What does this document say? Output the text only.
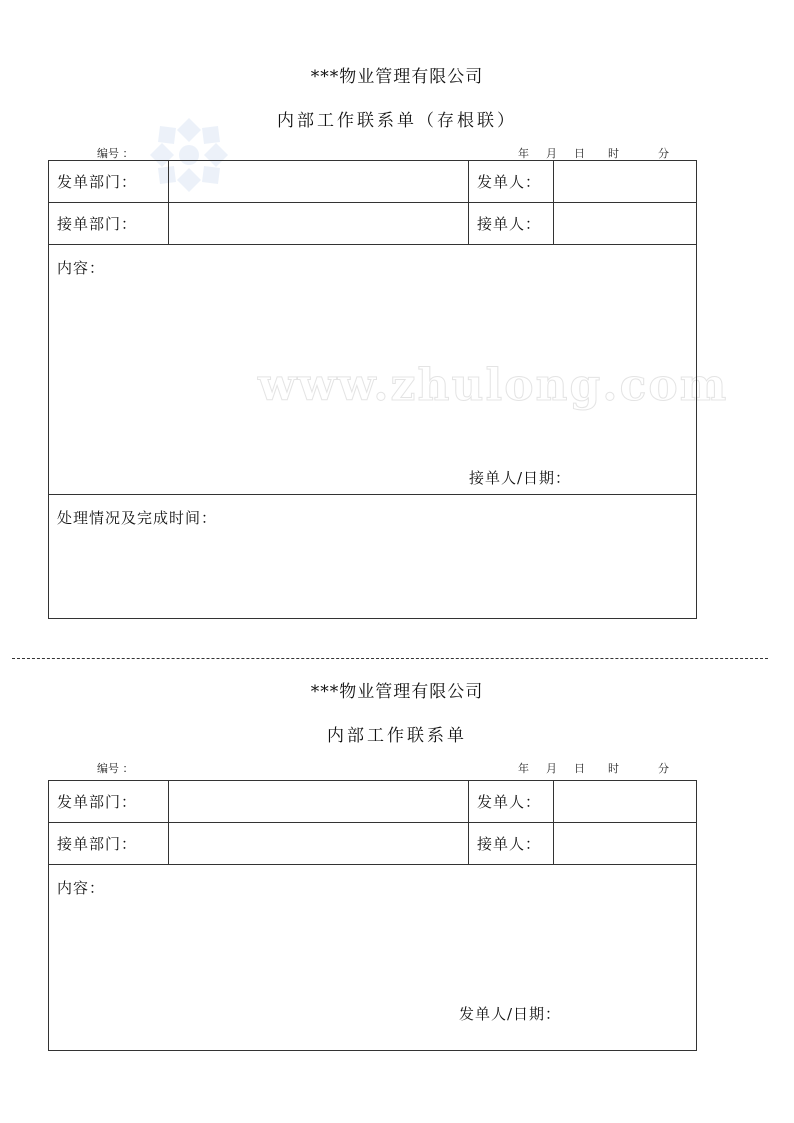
www.zhulong.com
***物业管理有限公司
内部工作联系单（存根联）
编号 ：	年 月 日 时	分
发单部门：		发单人：	
接单部门：		接单人：	
内容：
接单人/日期：			

处理情况及完成时间：			
***物业管理有限公司
内部工作联系单
编号 ：	年 月 日 时	分
发单部门：		发单人：	
接单部门：		接单人：	
内容：
发单人/日期：			
